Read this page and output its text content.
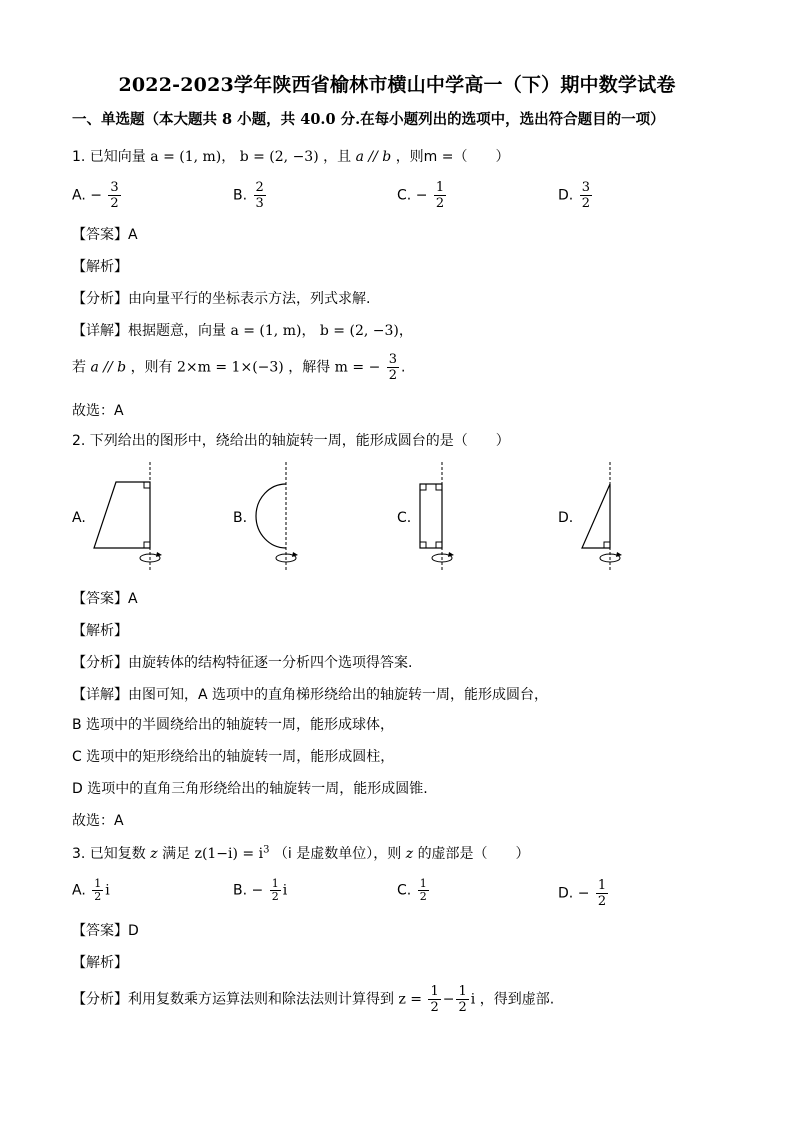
2022-2023学年陕西省榆林市横山中学高一（下）期中数学试卷
一、单选题（本大题共 8 小题，共 40.0 分.在每小题列出的选项中，选出符合题目的一项）
1. 已知向量 a = (1, m)， b = (2, −3) ，且 a // b ，则m =（　　）
A. − $\frac{3}{2}$	B. $\frac{2}{3}$	C. − $\frac{1}{2}$	D. $\frac{3}{2}$
【答案】A
【解析】
【分析】由向量平行的坐标表示方法，列式求解.
【详解】根据题意，向量 a = (1, m)， b = (2, −3)，
若 a // b ，则有 2×m = 1×(−3) ，解得 m = − $\frac{3}{2}$ .
故选：A
2. 下列给出的图形中，绕给出的轴旋转一周，能形成圆台的是（　　）
A.	B.	C.	D.
【答案】A
【解析】
【分析】由旋转体的结构特征逐一分析四个选项得答案.
【详解】由图可知，A 选项中的直角梯形绕给出的轴旋转一周，能形成圆台，
B 选项中的半圆绕给出的轴旋转一周，能形成球体，
C 选项中的矩形绕给出的轴旋转一周，能形成圆柱，
D 选项中的直角三角形绕给出的轴旋转一周，能形成圆锥.
故选：A
3. 已知复数 z 满足 $z(1-i) = i^3$ （i 是虚数单位），则 z 的虚部是（　　）
A. $\frac{1}{2}$ i	B. − $\frac{1}{2}$ i	C. $\frac{1}{2}$	D. − $\frac{1}{2}$
【答案】D
【解析】
【分析】利用复数乘方运算法则和除法法则计算得到 $z = \frac{1}{2} - \frac{1}{2}$ i ，得到虚部.
